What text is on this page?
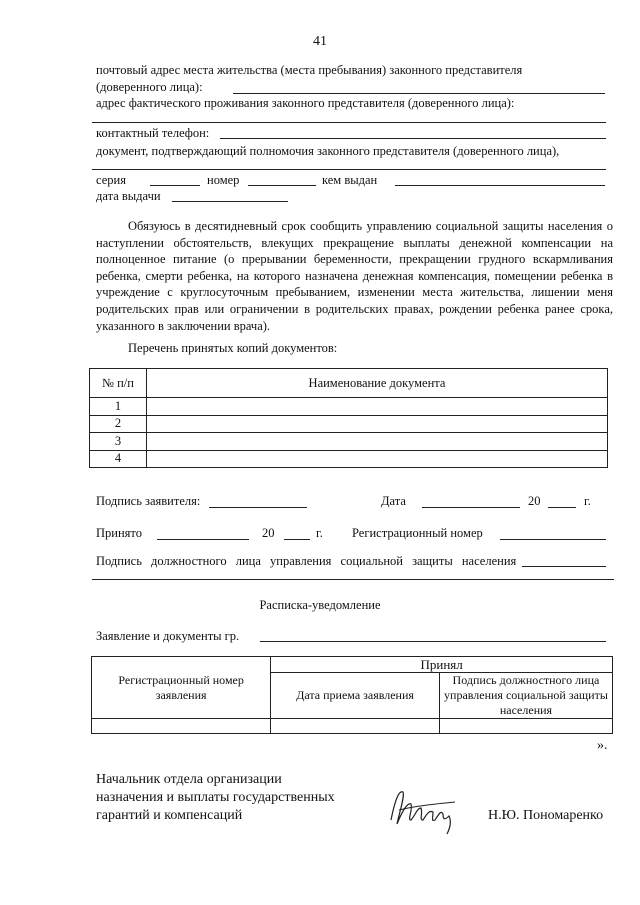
41
почтовый адрес места жительства (места пребывания) законного представителя
(доверенного лица):
адрес фактического проживания законного представителя (доверенного лица):
контактный телефон:
документ, подтверждающий полномочия законного представителя (доверенного лица),
серия	номер	кем выдан
дата выдачи
Обязуюсь в десятидневный срок сообщить управлению социальной защиты населения о наступлении обстоятельств, влекущих прекращение выплаты денежной компенсации на полноценное питание (о прерывании беременности, прекращении грудного вскармливания ребенка, смерти ребенка, на которого назначена денежная компенсация, помещении ребенка в учреждение с круглосуточным пребыванием, изменении места жительства, лишении меня родительских прав или ограничении в родительских правах, рождении ребенка ранее срока, указанного в заключении врача).
Перечень принятых копий документов:
№ п/п	Наименование документа
1	
2	
3	
4	
Подпись заявителя:	Дата	20	г.
Принято	20	г. Регистрационный номер
Подпись должностного лица управления социальной защиты населения
Расписка-уведомление
Заявление и документы гр.
Регистрационный номер заявления	Принял	
	Дата приема заявления	Подпись должностного лица управления социальной защиты населения

».
Начальник отдела организации
назначения и выплаты государственных
гарантий и компенсаций	Н.Ю. Пономаренко
